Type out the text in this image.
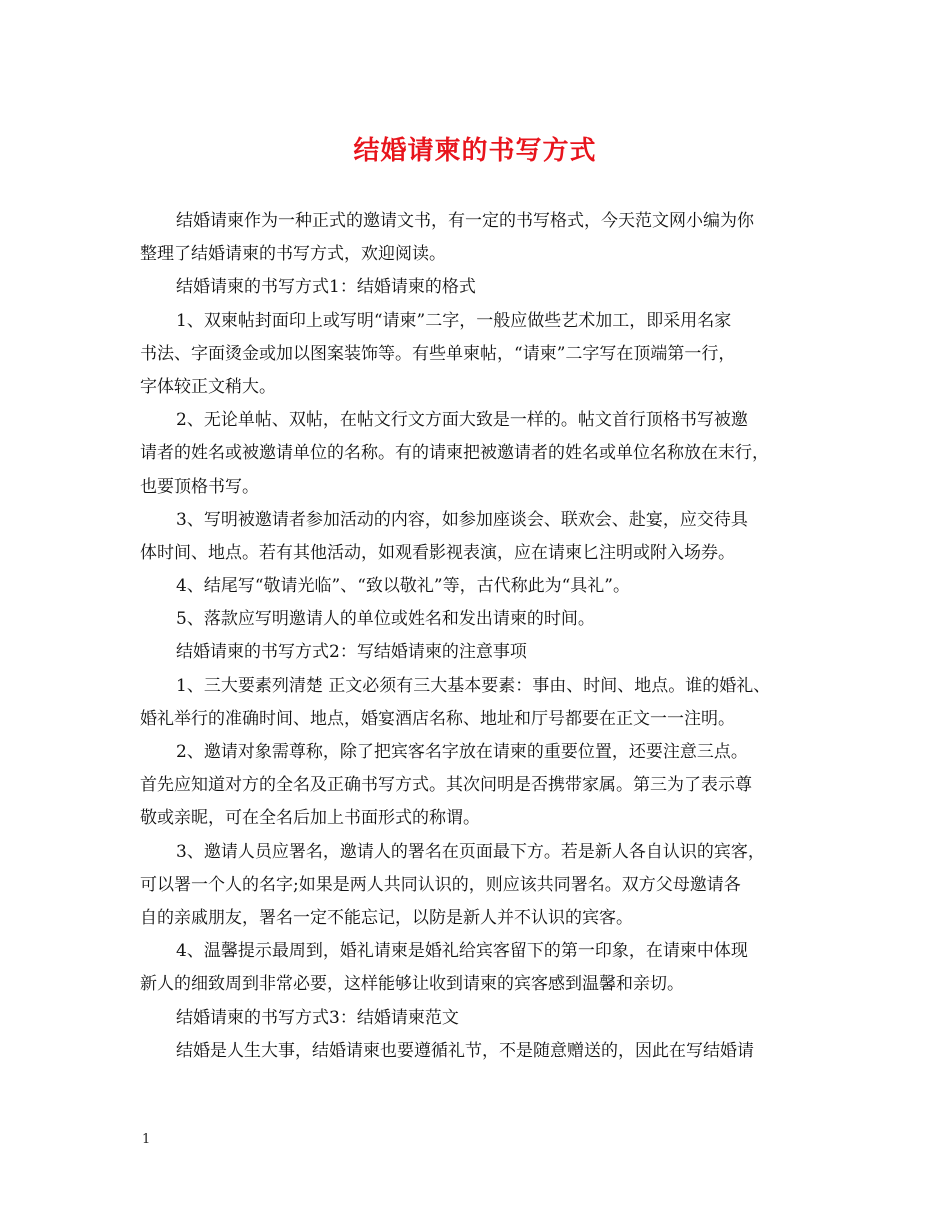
结婚请柬的书写方式
结婚请柬作为一种正式的邀请文书，有一定的书写格式，今天范文网小编为你
整理了结婚请柬的书写方式，欢迎阅读。
结婚请柬的书写方式1：结婚请柬的格式
1、双柬帖封面印上或写明“请柬”二字，一般应做些艺术加工，即采用名家
书法、字面烫金或加以图案装饰等。有些单柬帖，“请柬”二字写在顶端第一行，
字体较正文稍大。
2、无论单帖、双帖，在帖文行文方面大致是一样的。帖文首行顶格书写被邀
请者的姓名或被邀请单位的名称。有的请柬把被邀请者的姓名或单位名称放在末行，
也要顶格书写。
3、写明被邀请者参加活动的内容，如参加座谈会、联欢会、赴宴，应交待具
体时间、地点。若有其他活动，如观看影视表演，应在请柬匕注明或附入场券。
4、结尾写“敬请光临”、“致以敬礼”等，古代称此为“具礼”。
5、落款应写明邀请人的单位或姓名和发出请柬的时间。
结婚请柬的书写方式2：写结婚请柬的注意事项
1、三大要素列清楚 正文必须有三大基本要素：事由、时间、地点。谁的婚礼、
婚礼举行的准确时间、地点，婚宴酒店名称、地址和厅号都要在正文一一注明。
2、邀请对象需尊称，除了把宾客名字放在请柬的重要位置，还要注意三点。
首先应知道对方的全名及正确书写方式。其次问明是否携带家属。第三为了表示尊
敬或亲昵，可在全名后加上书面形式的称谓。
3、邀请人员应署名，邀请人的署名在页面最下方。若是新人各自认识的宾客，
可以署一个人的名字;如果是两人共同认识的，则应该共同署名。双方父母邀请各
自的亲戚朋友，署名一定不能忘记，以防是新人并不认识的宾客。
4、温馨提示最周到，婚礼请柬是婚礼给宾客留下的第一印象，在请柬中体现
新人的细致周到非常必要，这样能够让收到请柬的宾客感到温馨和亲切。
结婚请柬的书写方式3：结婚请柬范文
结婚是人生大事，结婚请柬也要遵循礼节，不是随意赠送的，因此在写结婚请
1
